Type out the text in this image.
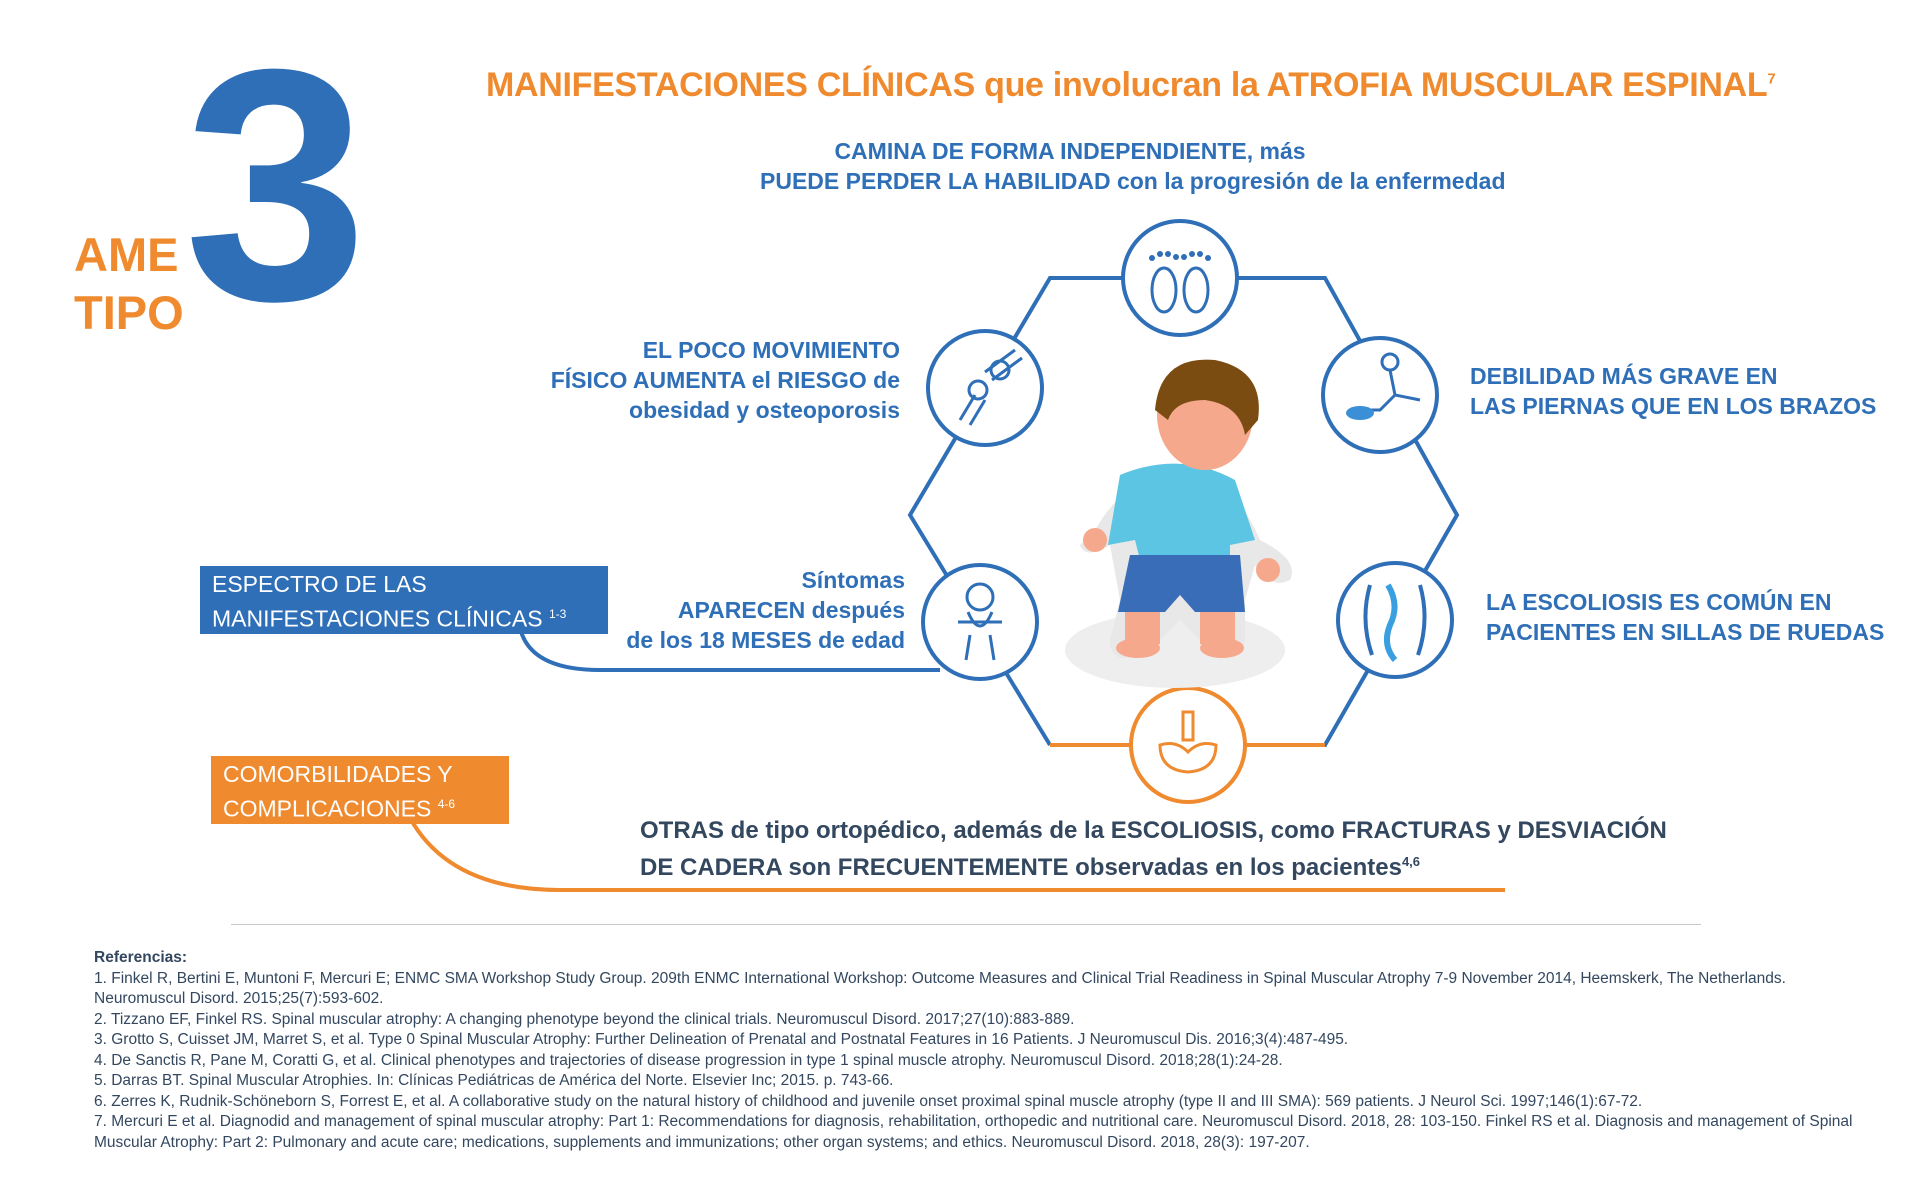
AME
TIPO 3	MANIFESTACIONES CLÍNICAS que involucran la ATROFIA MUSCULAR ESPINAL$^7$
CAMINA DE FORMA INDEPENDIENTE, más
PUEDE PERDER LA HABILIDAD con la progresión de la enfermedad
EL POCO MOVIMIENTO
FÍSICO AUMENTA el RIESGO de
obesidad y osteoporosis
DEBILIDAD MÁS GRAVE EN
LAS PIERNAS QUE EN LOS BRAZOS
Síntomas
APARECEN después
de los 18 MESES de edad
LA ESCOLIOSIS ES COMÚN EN
PACIENTES EN SILLAS DE RUEDAS
OTRAS de tipo ortopédico, además de la ESCOLIOSIS, como FRACTURAS y DESVIACIÓN
DE CADERA son FRECUENTEMENTE observadas en los pacientes$^{4,6}$
ESPECTRO DE LAS
MANIFESTACIONES CLÍNICAS $^{1-3}$
COMORBILIDADES Y
COMPLICACIONES $^{4-6}$
Referencias:
1. Finkel R, Bertini E, Muntoni F, Mercuri E; ENMC SMA Workshop Study Group. 209th ENMC International Workshop: Outcome Measures and Clinical Trial Readiness in Spinal Muscular Atrophy 7-9 November 2014, Heemskerk, The Netherlands. Neuromuscul Disord. 2015;25(7):593-602.
2. Tizzano EF, Finkel RS. Spinal muscular atrophy: A changing phenotype beyond the clinical trials. Neuromuscul Disord. 2017;27(10):883-889.
3. Grotto S, Cuisset JM, Marret S, et al. Type 0 Spinal Muscular Atrophy: Further Delineation of Prenatal and Postnatal Features in 16 Patients. J Neuromuscul Dis. 2016;3(4):487-495.
4. De Sanctis R, Pane M, Coratti G, et al. Clinical phenotypes and trajectories of disease progression in type 1 spinal muscle atrophy. Neuromuscul Disord. 2018;28(1):24-28.
5. Darras BT. Spinal Muscular Atrophies. In: Clínicas Pediátricas de América del Norte. Elsevier Inc; 2015. p. 743-66.
6. Zerres K, Rudnik-Schöneborn S, Forrest E, et al. A collaborative study on the natural history of childhood and juvenile onset proximal spinal muscle atrophy (type II and III SMA): 569 patients. J Neurol Sci. 1997;146(1):67-72.
7. Mercuri E et al. Diagnodid and management of spinal muscular atrophy: Part 1: Recommendations for diagnosis, rehabilitation, orthopedic and nutritional care. Neuromuscul Disord. 2018, 28: 103-150. Finkel RS et al. Diagnosis and management of Spinal Muscular Atrophy: Part 2: Pulmonary and acute care; medications, supplements and immunizations; other organ systems; and ethics. Neuromuscul Disord. 2018, 28(3): 197-207.
